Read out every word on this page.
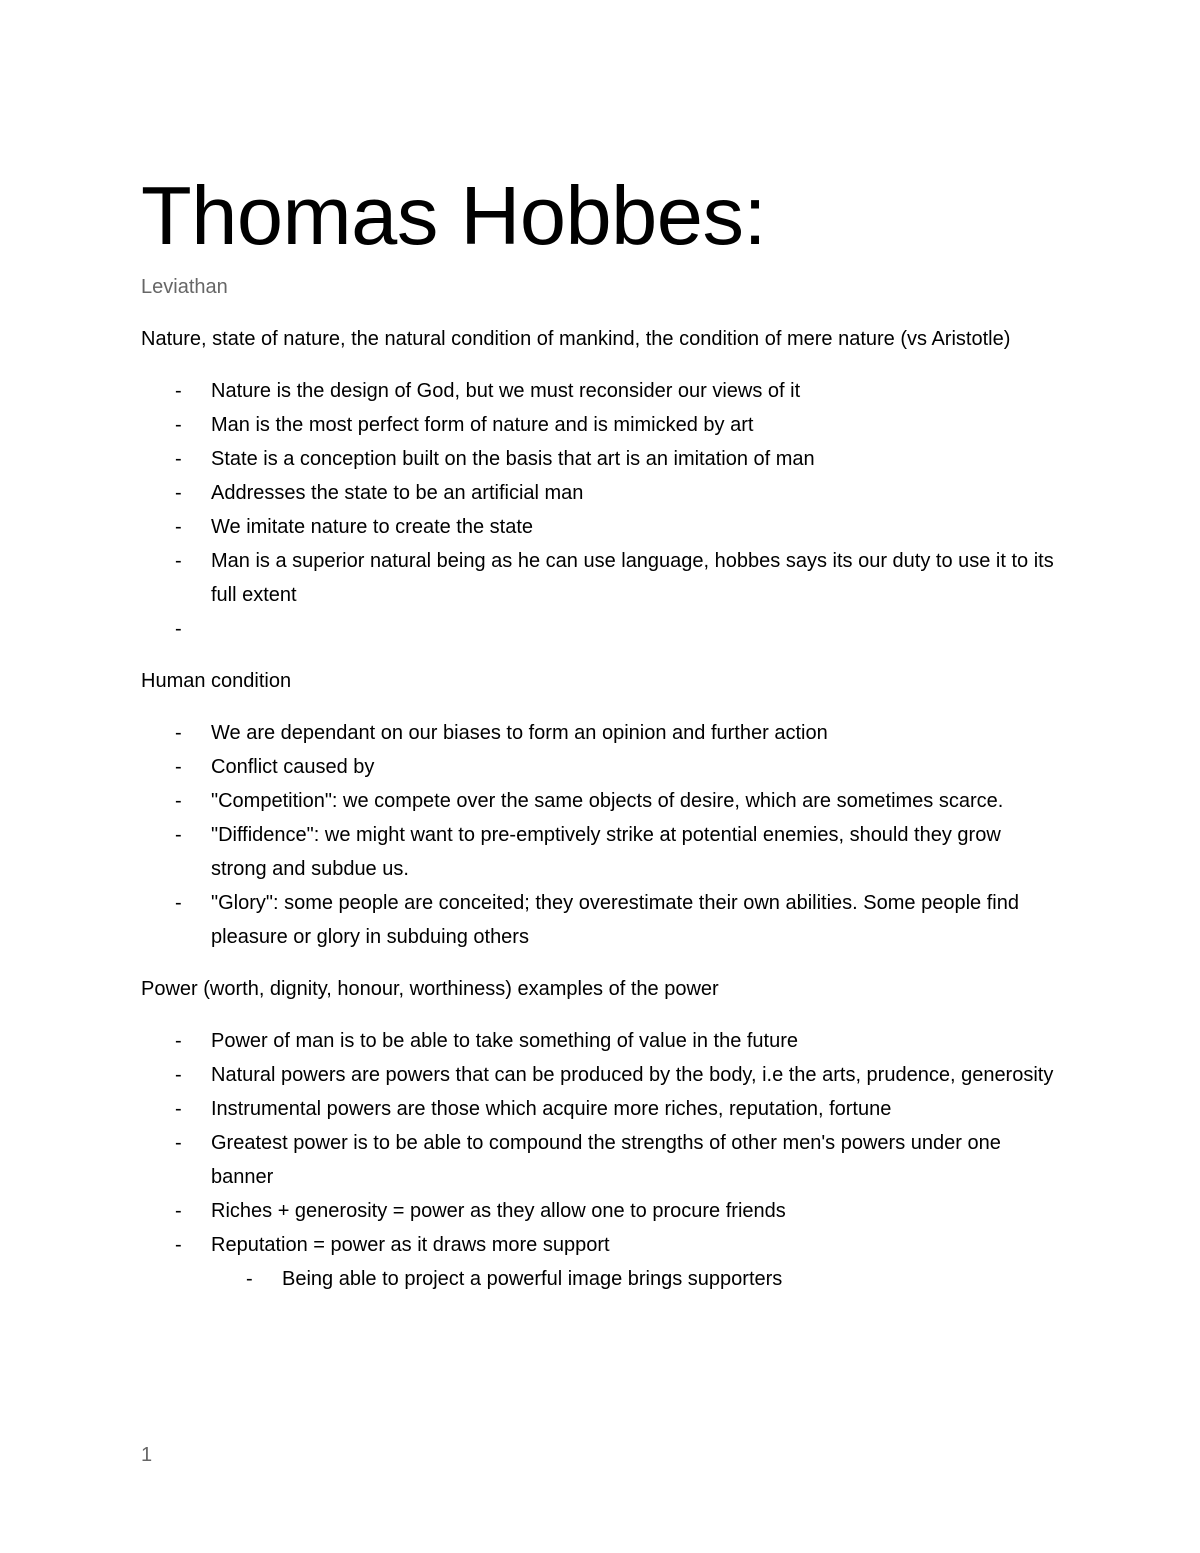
Thomas Hobbes:
Leviathan

Nature, state of nature, the natural condition of mankind, the condition of mere nature (vs Aristotle)

- Nature is the design of God, but we must reconsider our views of it
- Man is the most perfect form of nature and is mimicked by art
- State is a conception built on the basis that art is an imitation of man
- Addresses the state to be an artificial man
- We imitate nature to create the state
- Man is a superior natural being as he can use language, hobbes says its our duty to use it to its full extent
-

Human condition

- We are dependant on our biases to form an opinion and further action
- Conflict caused by
- "Competition": we compete over the same objects of desire, which are sometimes scarce.
- "Diffidence": we might want to pre-emptively strike at potential enemies, should they grow strong and subdue us.
- "Glory": some people are conceited; they overestimate their own abilities. Some people find pleasure or glory in subduing others

Power (worth, dignity, honour, worthiness) examples of the power

- Power of man is to be able to take something of value in the future
- Natural powers are powers that can be produced by the body, i.e the arts, prudence, generosity
- Instrumental powers are those which acquire more riches, reputation, fortune
- Greatest power is to be able to compound the strengths of other men's powers under one banner
- Riches + generosity = power as they allow one to procure friends
- Reputation = power as it draws more support
- Being able to project a powerful image brings supporters
1
